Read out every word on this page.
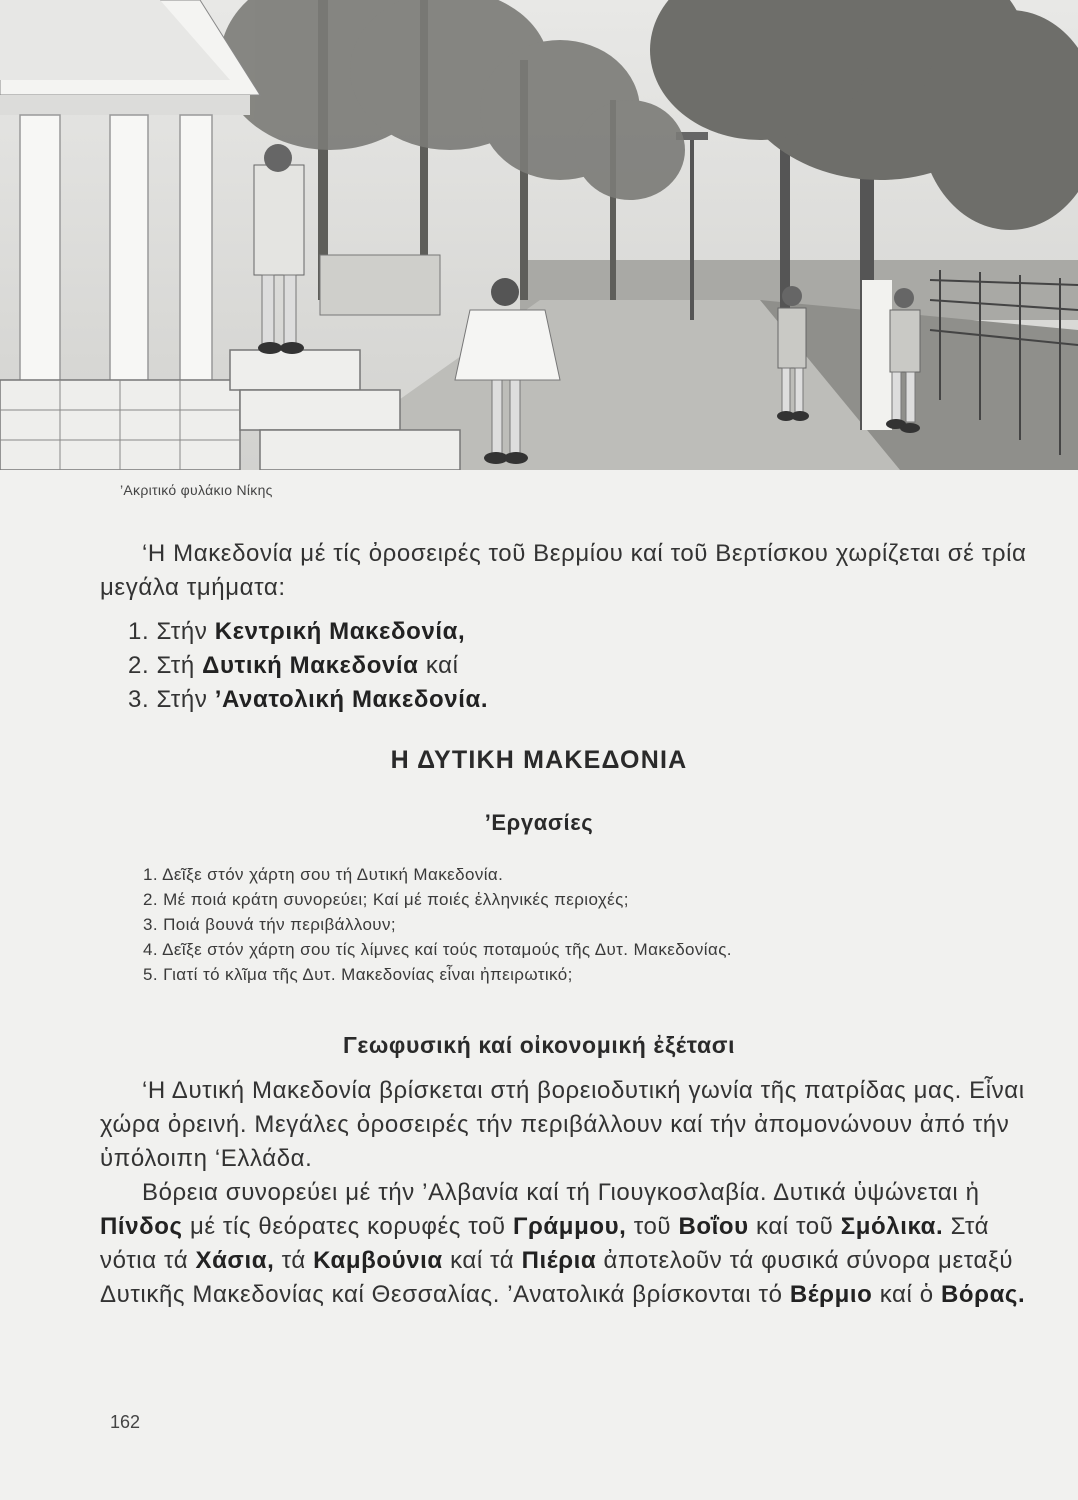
’Ακριτικό φυλάκιο Νίκης

‘Η Μακεδονία μέ τίς ὀροσειρές τοῦ Βερμίου καί τοῦ Βερτίσκου χωρίζεται σέ τρία μεγάλα τμήματα:

1. Στήν Κεντρική Μακεδονία,
2. Στή Δυτική Μακεδονία καί
3. Στήν ’Ανατολική Μακεδονία.
Η ΔΥΤΙΚΗ ΜΑΚΕΔΟΝΙΑ
’Εργασίες
1. Δεῖξε στόν χάρτη σου τή Δυτική Μακεδονία.
2. Μέ ποιά κράτη συνορεύει; Καί μέ ποιές ἑλληνικές περιοχές;
3. Ποιά βουνά τήν περιβάλλουν;
4. Δεῖξε στόν χάρτη σου τίς λίμνες καί τούς ποταμούς τῆς Δυτ. Μακεδονίας.
5. Γιατί τό κλῖμα τῆς Δυτ. Μακεδονίας εἶναι ἠπειρωτικό;
Γεωφυσική καί οἰκονομική ἐξέτασι

‘Η Δυτική Μακεδονία βρίσκεται στή βορειοδυτική γωνία τῆς πατρίδας μας. Εἶναι χώρα ὀρεινή. Μεγάλες ὀροσειρές τήν περιβάλλουν καί τήν ἀπομονώνουν ἀπό τήν ὑπόλοιπη ‘Ελλάδα.

Βόρεια συνορεύει μέ τήν ’Αλβανία καί τή Γιουγκοσλαβία. Δυτικά ὑψώνεται ἡ Πίνδος μέ τίς θεόρατες κορυφές τοῦ Γράμμου, τοῦ Βοΐου καί τοῦ Σμόλικα. Στά νότια τά Χάσια, τά Καμβούνια καί τά Πιέρια ἀποτελοῦν τά φυσικά σύνορα μεταξύ Δυτικῆς Μακεδονίας καί Θεσσαλίας. ’Ανατολικά βρίσκονται τό Βέρμιο καί ὁ Βόρας.

162
